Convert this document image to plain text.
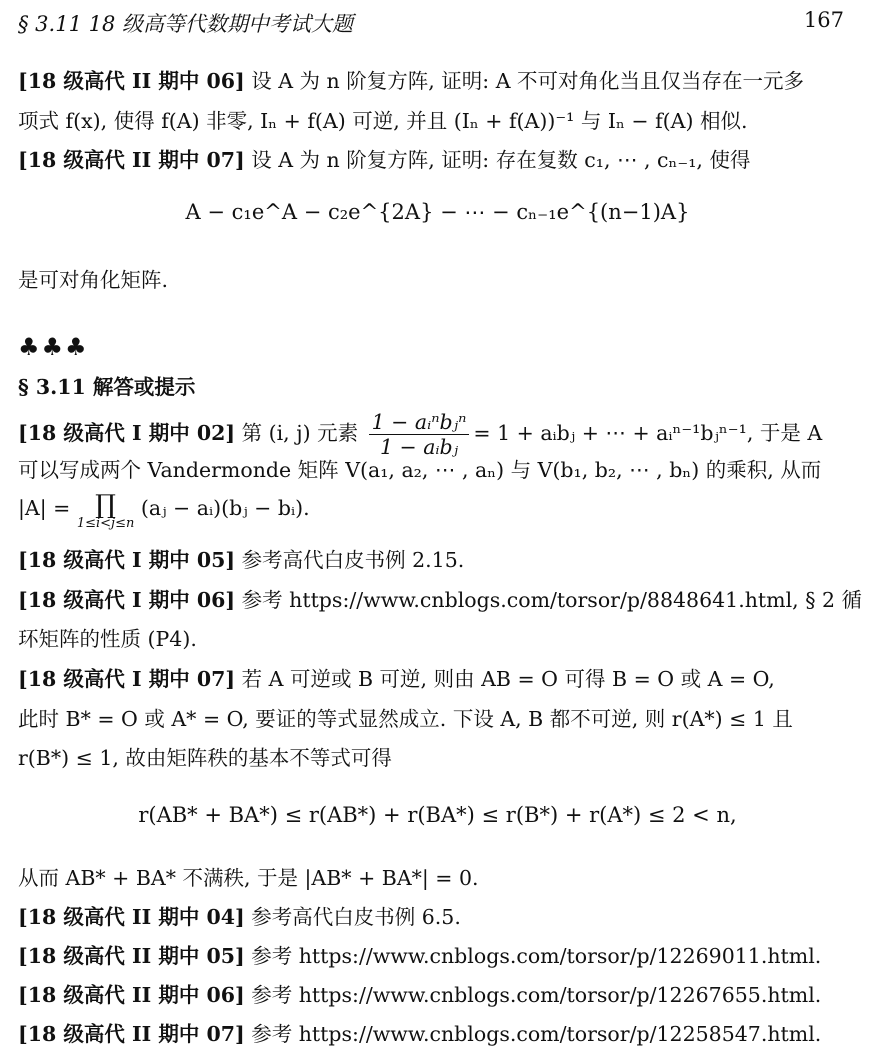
§ 3.11 18 级高等代数期中考试大题	167
[18 级高代 II 期中 06] 设 A 为 n 阶复方阵, 证明: A 不可对角化当且仅当存在一元多
项式 f(x), 使得 f(A) 非零, Iₙ + f(A) 可逆, 并且 (Iₙ + f(A))⁻¹ 与 Iₙ − f(A) 相似.
[18 级高代 II 期中 07] 设 A 为 n 阶复方阵, 证明: 存在复数 c₁, ⋯ , cₙ₋₁, 使得
A − c₁e^A − c₂e^{2A} − ⋯ − cₙ₋₁e^{(n−1)A}
是可对角化矩阵.
♣♣♣
§ 3.11 解答或提示
[18 级高代 I 期中 02] 第 (i, j) 元素 $\frac{\text{1 − aᵢⁿbⱼⁿ}}{\text{1 − aᵢbⱼ}} = 1$ + aᵢbⱼ + ⋯ + aᵢⁿ⁻¹bⱼⁿ⁻¹, 于是 A
可以写成两个 Vandermonde 矩阵 V(a₁, a₂, ⋯ , aₙ) 与 V(b₁, b₂, ⋯ , bₙ) 的乘积, 从而
|A| = ∏
1≤i<j≤n
(aⱼ − aᵢ)(bⱼ − bᵢ).
[18 级高代 I 期中 05] 参考高代白皮书例 2.15.
[18 级高代 I 期中 06] 参考 https://www.cnblogs.com/torsor/p/8848641.html, § 2 循
环矩阵的性质 (P4).
[18 级高代 I 期中 07] 若 A 可逆或 B 可逆, 则由 AB = O 可得 B = O 或 A = O,
此时 B* = O 或 A* = O, 要证的等式显然成立. 下设 A, B 都不可逆, 则 r(A*) ≤ 1 且
r(B*) ≤ 1, 故由矩阵秩的基本不等式可得
r(AB* + BA*) ≤ r(AB*) + r(BA*) ≤ r(B*) + r(A*) ≤ 2 < n,
从而 AB* + BA* 不满秩, 于是 |AB* + BA*| = 0.
[18 级高代 II 期中 04] 参考高代白皮书例 6.5.
[18 级高代 II 期中 05] 参考 https://www.cnblogs.com/torsor/p/12269011.html.
[18 级高代 II 期中 06] 参考 https://www.cnblogs.com/torsor/p/12267655.html.
[18 级高代 II 期中 07] 参考 https://www.cnblogs.com/torsor/p/12258547.html.
